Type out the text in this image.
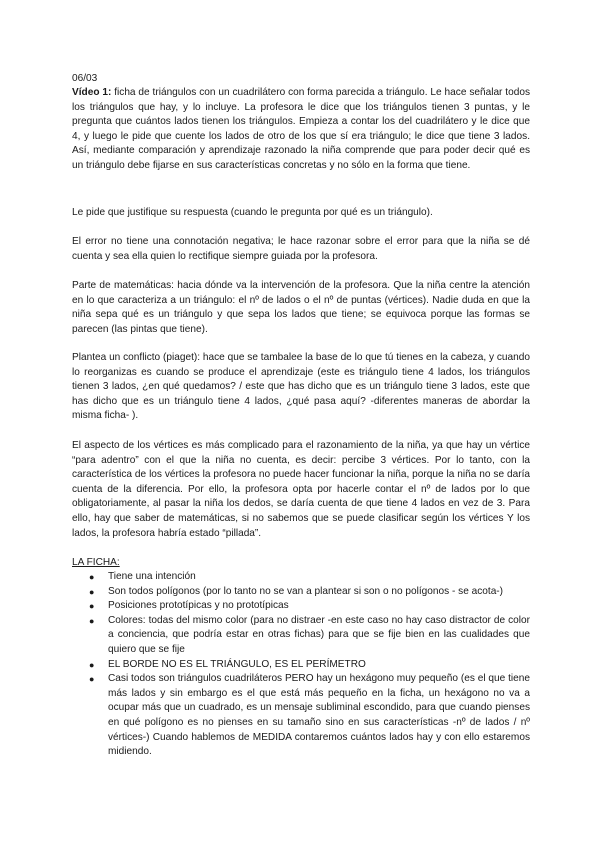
06/03

Vídeo 1: ficha de triángulos con un cuadrilátero con forma parecida a triángulo. Le hace señalar todos los triángulos que hay, y lo incluye. La profesora le dice que los triángulos tienen 3 puntas, y le pregunta que cuántos lados tienen los triángulos. Empieza a contar los del cuadrilátero y le dice que 4, y luego le pide que cuente los lados de otro de los que sí era triángulo; le dice que tiene 3 lados. Así, mediante comparación y aprendizaje razonado la niña comprende que para poder decir qué es un triángulo debe fijarse en sus características concretas y no sólo en la forma que tiene.

Le pide que justifique su respuesta (cuando le pregunta por qué es un triángulo).

El error no tiene una connotación negativa; le hace razonar sobre el error para que la niña se dé cuenta y sea ella quien lo rectifique siempre guiada por la profesora.

Parte de matemáticas: hacia dónde va la intervención de la profesora. Que la niña centre la atención en lo que caracteriza a un triángulo: el nº de lados o el nº de puntas (vértices). Nadie duda en que la niña sepa qué es un triángulo y que sepa los lados que tiene; se equivoca porque las formas se parecen (las pintas que tiene).

Plantea un conflicto (piaget): hace que se tambalee la base de lo que tú tienes en la cabeza, y cuando lo reorganizas es cuando se produce el aprendizaje (este es triángulo tiene 4 lados, los triángulos tienen 3 lados, ¿en qué quedamos? / este que has dicho que es un triángulo tiene 3 lados, este que has dicho que es un triángulo tiene 4 lados, ¿qué pasa aquí? -diferentes maneras de abordar la misma ficha- ).

El aspecto de los vértices es más complicado para el razonamiento de la niña, ya que hay un vértice “para adentro” con el que la niña no cuenta, es decir: percibe 3 vértices. Por lo tanto, con la característica de los vértices la profesora no puede hacer funcionar la niña, porque la niña no se daría cuenta de la diferencia. Por ello, la profesora opta por hacerle contar el nº de lados por lo que obligatoriamente, al pasar la niña los dedos, se daría cuenta de que tiene 4 lados en vez de 3. Para ello, hay que saber de matemáticas, si no sabemos que se puede clasificar según los vértices Y los lados, la profesora habría estado “pillada”.

LA FICHA:

● Tiene una intención
● Son todos polígonos (por lo tanto no se van a plantear si son o no polígonos - se acota-)
● Posiciones prototípicas y no prototípicas
● Colores: todas del mismo color (para no distraer -en este caso no hay caso distractor de color a conciencia, que podría estar en otras fichas) para que se fije bien en las cualidades que quiero que se fije
● EL BORDE NO ES EL TRIÁNGULO, ES EL PERÍMETRO
● Casi todos son triángulos cuadriláteros PERO hay un hexágono muy pequeño (es el que tiene más lados y sin embargo es el que está más pequeño en la ficha, un hexágono no va a ocupar más que un cuadrado, es un mensaje subliminal escondido, para que cuando pienses en qué polígono es no pienses en su tamaño sino en sus características -nº de lados / nº vértices-) Cuando hablemos de MEDIDA contaremos cuántos lados hay y con ello estaremos midiendo.
